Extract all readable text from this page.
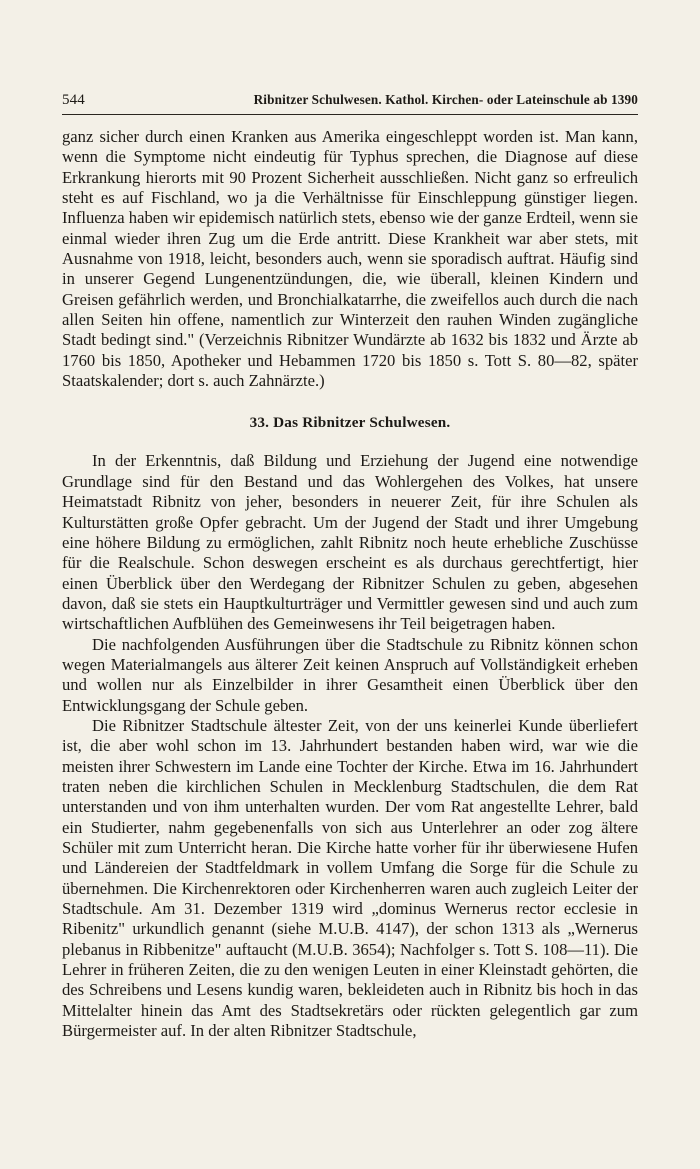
544	Ribnitzer Schulwesen. Kathol. Kirchen- oder Lateinschule ab 1390

ganz sicher durch einen Kranken aus Amerika eingeschleppt worden ist. Man kann, wenn die Symptome nicht eindeutig für Typhus sprechen, die Diagnose auf diese Erkrankung hierorts mit 90 Prozent Sicherheit ausschließen. Nicht ganz so erfreulich steht es auf Fischland, wo ja die Verhältnisse für Einschleppung günstiger liegen. Influenza haben wir epidemisch natürlich stets, ebenso wie der ganze Erdteil, wenn sie einmal wieder ihren Zug um die Erde antritt. Diese Krankheit war aber stets, mit Ausnahme von 1918, leicht, besonders auch, wenn sie sporadisch auftrat. Häufig sind in unserer Gegend Lungenentzündungen, die, wie überall, kleinen Kindern und Greisen gefährlich werden, und Bronchialkatarrhe, die zweifellos auch durch die nach allen Seiten hin offene, namentlich zur Winterzeit den rauhen Winden zugängliche Stadt bedingt sind." (Verzeichnis Ribnitzer Wundärzte ab 1632 bis 1832 und Ärzte ab 1760 bis 1850, Apotheker und Hebammen 1720 bis 1850 s. Tott S. 80—82, später Staatskalender; dort s. auch Zahnärzte.)

33. Das Ribnitzer Schulwesen.

In der Erkenntnis, daß Bildung und Erziehung der Jugend eine notwendige Grundlage sind für den Bestand und das Wohlergehen des Volkes, hat unsere Heimatstadt Ribnitz von jeher, besonders in neuerer Zeit, für ihre Schulen als Kulturstätten große Opfer gebracht. Um der Jugend der Stadt und ihrer Umgebung eine höhere Bildung zu ermöglichen, zahlt Ribnitz noch heute erhebliche Zuschüsse für die Realschule. Schon deswegen erscheint es als durchaus gerechtfertigt, hier einen Überblick über den Werdegang der Ribnitzer Schulen zu geben, abgesehen davon, daß sie stets ein Hauptkulturträger und Vermittler gewesen sind und auch zum wirtschaftlichen Aufblühen des Gemeinwesens ihr Teil beigetragen haben.

Die nachfolgenden Ausführungen über die Stadtschule zu Ribnitz können schon wegen Materialmangels aus älterer Zeit keinen Anspruch auf Vollständigkeit erheben und wollen nur als Einzelbilder in ihrer Gesamtheit einen Überblick über den Entwicklungsgang der Schule geben.

Die Ribnitzer Stadtschule ältester Zeit, von der uns keinerlei Kunde überliefert ist, die aber wohl schon im 13. Jahrhundert bestanden haben wird, war wie die meisten ihrer Schwestern im Lande eine Tochter der Kirche. Etwa im 16. Jahrhundert traten neben die kirchlichen Schulen in Mecklenburg Stadtschulen, die dem Rat unterstanden und von ihm unterhalten wurden. Der vom Rat angestellte Lehrer, bald ein Studierter, nahm gegebenenfalls von sich aus Unterlehrer an oder zog ältere Schüler mit zum Unterricht heran. Die Kirche hatte vorher für ihr überwiesene Hufen und Ländereien der Stadtfeldmark in vollem Umfang die Sorge für die Schule zu übernehmen. Die Kirchenrektoren oder Kirchenherren waren auch zugleich Leiter der Stadtschule. Am 31. Dezember 1319 wird „dominus Wernerus rector ecclesie in Ribenitz" urkundlich genannt (siehe M.U.B. 4147), der schon 1313 als „Wernerus plebanus in Ribbenitze" auftaucht (M.U.B. 3654); Nachfolger s. Tott S. 108—11). Die Lehrer in früheren Zeiten, die zu den wenigen Leuten in einer Kleinstadt gehörten, die des Schreibens und Lesens kundig waren, bekleideten auch in Ribnitz bis hoch in das Mittelalter hinein das Amt des Stadtsekretärs oder rückten gelegentlich gar zum Bürgermeister auf. In der alten Ribnitzer Stadtschule,
